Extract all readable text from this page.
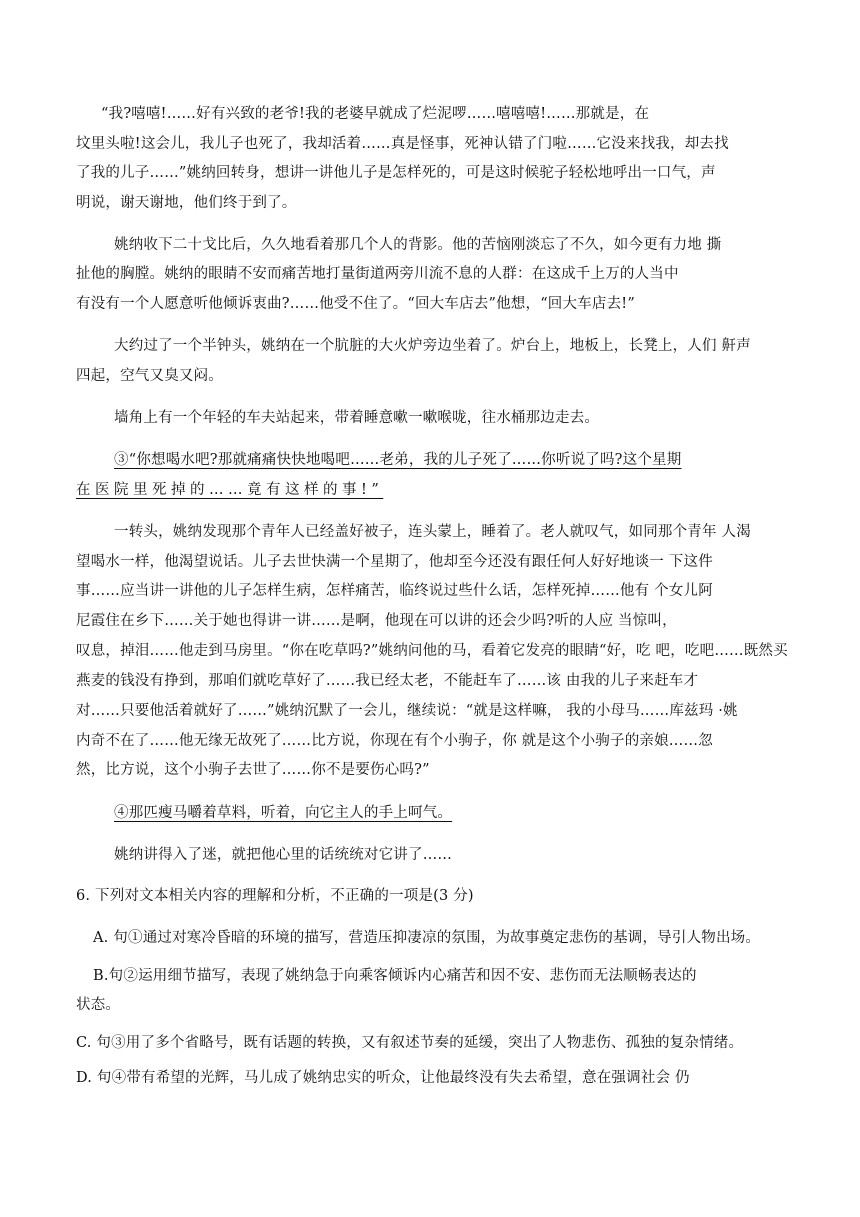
“我?嘻嘻!……好有兴致的老爷!我的老婆早就成了烂泥啰……嘻嘻嘻!……那就是，在
坟里头啦!这会儿，我儿子也死了，我却活着……真是怪事，死神认错了门啦……它没来找我，却去找
了我的儿子……”姚纳回转身，想讲一讲他儿子是怎样死的，可是这时候驼子轻松地呼出一口气，声
明说，谢天谢地，他们终于到了。
姚纳收下二十戈比后，久久地看着那几个人的背影。他的苦恼刚淡忘了不久，如今更有力地 撕
扯他的胸膛。姚纳的眼睛不安而痛苦地打量街道两旁川流不息的人群：在这成千上万的人当中
有没有一个人愿意听他倾诉衷曲?……他受不住了。“回大车店去”他想，“回大车店去!”
大约过了一个半钟头，姚纳在一个肮脏的大火炉旁边坐着了。炉台上，地板上，长凳上，人们 鼾声
四起，空气又臭又闷。
墙角上有一个年轻的车夫站起来，带着睡意嗽一嗽喉咙，往水桶那边走去。
③“你想喝水吧?那就痛痛快快地喝吧……老弟，我的儿子死了……你听说了吗?这个星期
在医院里死掉的……竟有这样的事!”
一转头，姚纳发现那个青年人已经盖好被子，连头蒙上，睡着了。老人就叹气，如同那个青年 人渴
望喝水一样，他渴望说话。儿子去世快满一个星期了，他却至今还没有跟任何人好好地谈一 下这件
事……应当讲一讲他的儿子怎样生病，怎样痛苦，临终说过些什么话，怎样死掉……他有 个女儿阿
尼霞住在乡下……关于她也得讲一讲……是啊，他现在可以讲的还会少吗?听的人应 当惊叫，
叹息，掉泪……他走到马房里。“你在吃草吗?”姚纳问他的马，看着它发亮的眼睛“好，吃 吧，吃吧……既然买
燕麦的钱没有挣到，那咱们就吃草好了……我已经太老，不能赶车了……该 由我的儿子来赶车才
对……只要他活着就好了……”姚纳沉默了一会儿，继续说：“就是这样嘛， 我的小母马……库兹玛 ·姚
内奇不在了……他无缘无故死了……比方说，你现在有个小驹子，你 就是这个小驹子的亲娘……忽
然，比方说，这个小驹子去世了……你不是要伤心吗?”
④那匹瘦马嚼着草料，听着，向它主人的手上呵气。
姚纳讲得入了迷，就把他心里的话统统对它讲了……
6. 下列对文本相关内容的理解和分析，不正确的一项是(3 分)
A. 句①通过对寒冷昏暗的环境的描写，营造压抑凄凉的氛围，为故事奠定悲伤的基调，导引人物出场。
B.句②运用细节描写，表现了姚纳急于向乘客倾诉内心痛苦和因不安、悲伤而无法顺畅表达的
状态。
C. 句③用了多个省略号，既有话题的转换，又有叙述节奏的延缓，突出了人物悲伤、孤独的复杂情绪。
D. 句④带有希望的光辉，马儿成了姚纳忠实的听众，让他最终没有失去希望，意在强调社会 仍
